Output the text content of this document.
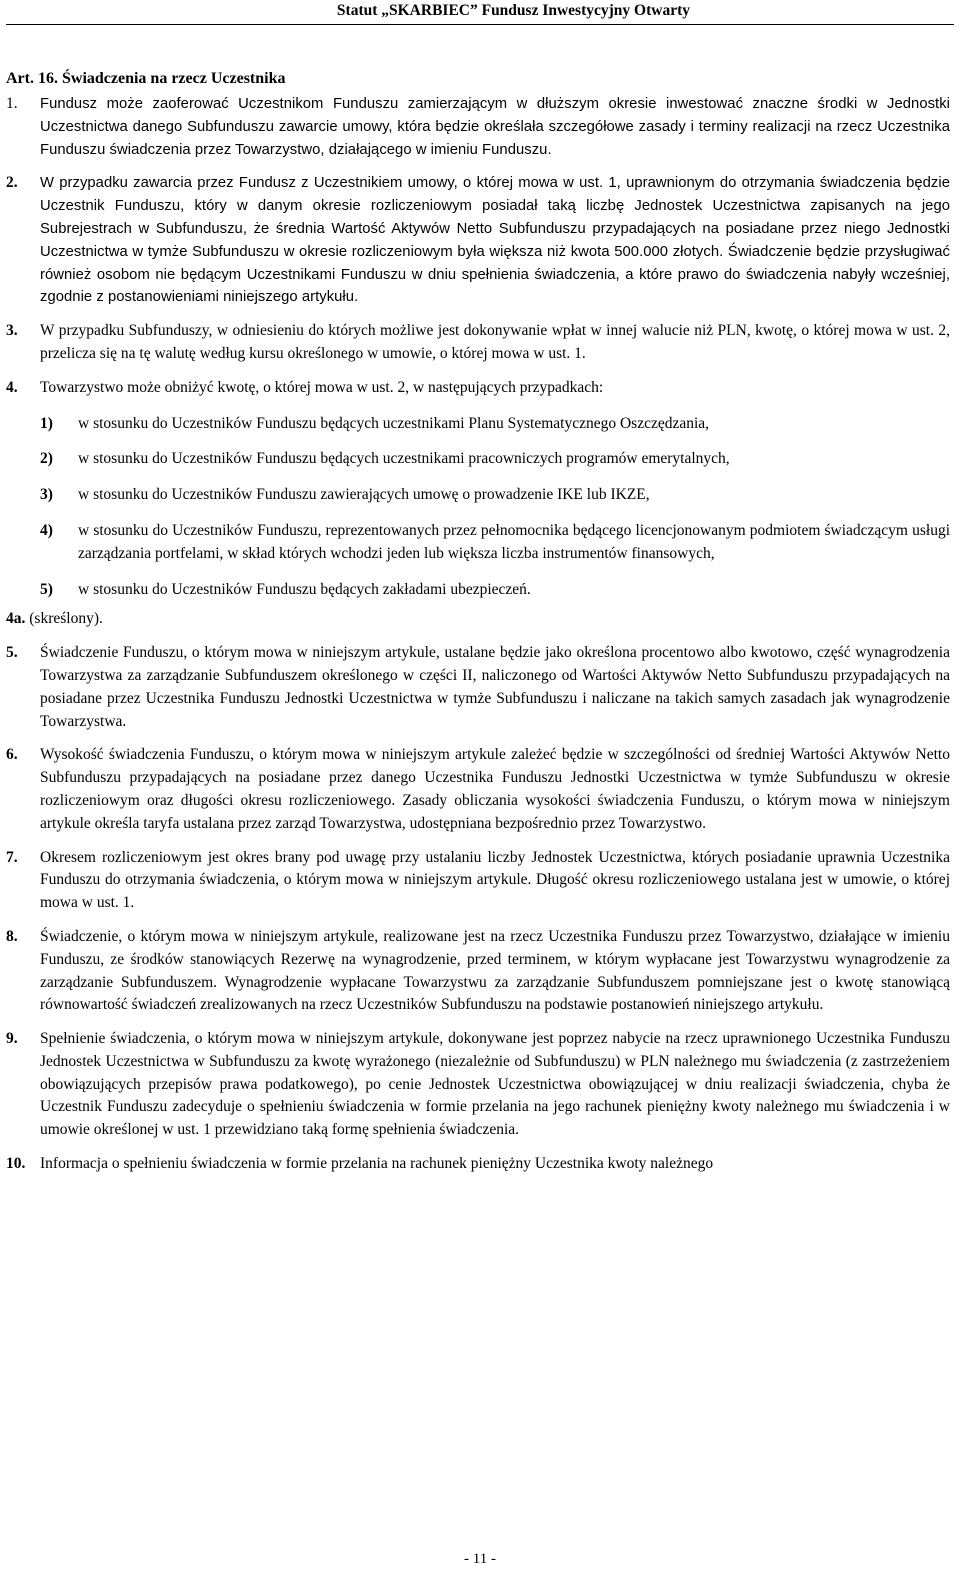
Statut „SKARBIEC” Fundusz Inwestycyjny Otwarty
Art. 16. Świadczenia na rzecz Uczestnika
1.	Fundusz może zaoferować Uczestnikom Funduszu zamierzającym w dłuższym okresie inwestować znaczne środki w Jednostki Uczestnictwa danego Subfunduszu zawarcie umowy, która będzie określała szczegółowe zasady i terminy realizacji na rzecz Uczestnika Funduszu świadczenia przez Towarzystwo, działającego w imieniu Funduszu.
2.	W przypadku zawarcia przez Fundusz z Uczestnikiem umowy, o której mowa w ust. 1, uprawnionym do otrzymania świadczenia będzie Uczestnik Funduszu, który w danym okresie rozliczeniowym posiadał taką liczbę Jednostek Uczestnictwa zapisanych na jego Subrejestrach w Subfunduszu, że średnia Wartość Aktywów Netto Subfunduszu przypadających na posiadane przez niego Jednostki Uczestnictwa w tymże Subfunduszu w okresie rozliczeniowym była większa niż kwota 500.000 złotych. Świadczenie będzie przysługiwać również osobom nie będącym Uczestnikami Funduszu w dniu spełnienia świadczenia, a które prawo do świadczenia nabyły wcześniej, zgodnie z postanowieniami niniejszego artykułu.
3.	W przypadku Subfunduszy, w odniesieniu do których możliwe jest dokonywanie wpłat w innej walucie niż PLN, kwotę, o której mowa w ust. 2, przelicza się na tę walutę według kursu określonego w umowie, o której mowa w ust. 1.
4.	Towarzystwo może obniżyć kwotę, o której mowa w ust. 2, w następujących przypadkach:
1)	w stosunku do Uczestników Funduszu będących uczestnikami Planu Systematycznego Oszczędzania,
2)	w stosunku do Uczestników Funduszu będących uczestnikami pracowniczych programów emerytalnych,
3)	w stosunku do Uczestników Funduszu zawierających umowę o prowadzenie IKE lub IKZE,
4)	w stosunku do Uczestników Funduszu, reprezentowanych przez pełnomocnika będącego licencjonowanym podmiotem świadczącym usługi zarządzania portfelami, w skład których wchodzi jeden lub większa liczba instrumentów finansowych,
5)	w stosunku do Uczestników Funduszu będących zakładami ubezpieczeń.
4a. (skreślony).
5.	Świadczenie Funduszu, o którym mowa w niniejszym artykule, ustalane będzie jako określona procentowo albo kwotowo, część wynagrodzenia Towarzystwa za zarządzanie Subfunduszem określonego w części II, naliczonego od Wartości Aktywów Netto Subfunduszu przypadających na posiadane przez Uczestnika Funduszu Jednostki Uczestnictwa w tymże Subfunduszu i naliczane na takich samych zasadach jak wynagrodzenie Towarzystwa.
6.	Wysokość świadczenia Funduszu, o którym mowa w niniejszym artykule zależeć będzie w szczególności od średniej Wartości Aktywów Netto Subfunduszu przypadających na posiadane przez danego Uczestnika Funduszu Jednostki Uczestnictwa w tymże Subfunduszu w okresie rozliczeniowym oraz długości okresu rozliczeniowego. Zasady obliczania wysokości świadczenia Funduszu, o którym mowa w niniejszym artykule określa taryfa ustalana przez zarząd Towarzystwa, udostępniana bezpośrednio przez Towarzystwo.
7.	Okresem rozliczeniowym jest okres brany pod uwagę przy ustalaniu liczby Jednostek Uczestnictwa, których posiadanie uprawnia Uczestnika Funduszu do otrzymania świadczenia, o którym mowa w niniejszym artykule. Długość okresu rozliczeniowego ustalana jest w umowie, o której mowa w ust. 1.
8.	Świadczenie, o którym mowa w niniejszym artykule, realizowane jest na rzecz Uczestnika Funduszu przez Towarzystwo, działające w imieniu Funduszu, ze środków stanowiących Rezerwę na wynagrodzenie, przed terminem, w którym wypłacane jest Towarzystwu wynagrodzenie za zarządzanie Subfunduszem. Wynagrodzenie wypłacane Towarzystwu za zarządzanie Subfunduszem pomniejszane jest o kwotę stanowiącą równowartość świadczeń zrealizowanych na rzecz Uczestników Subfunduszu na podstawie postanowień niniejszego artykułu.
9.	Spełnienie świadczenia, o którym mowa w niniejszym artykule, dokonywane jest poprzez nabycie na rzecz uprawnionego Uczestnika Funduszu Jednostek Uczestnictwa w Subfunduszu za kwotę wyrażonego (niezależnie od Subfunduszu) w PLN należnego mu świadczenia (z zastrzeżeniem obowiązujących przepisów prawa podatkowego), po cenie Jednostek Uczestnictwa obowiązującej w dniu realizacji świadczenia, chyba że Uczestnik Funduszu zadecyduje o spełnieniu świadczenia w formie przelania na jego rachunek pieniężny kwoty należnego mu świadczenia i w umowie określonej w ust. 1 przewidziano taką formę spełnienia świadczenia.
10. Informacja o spełnieniu świadczenia w formie przelania na rachunek pieniężny Uczestnika kwoty należnego
- 11 -
